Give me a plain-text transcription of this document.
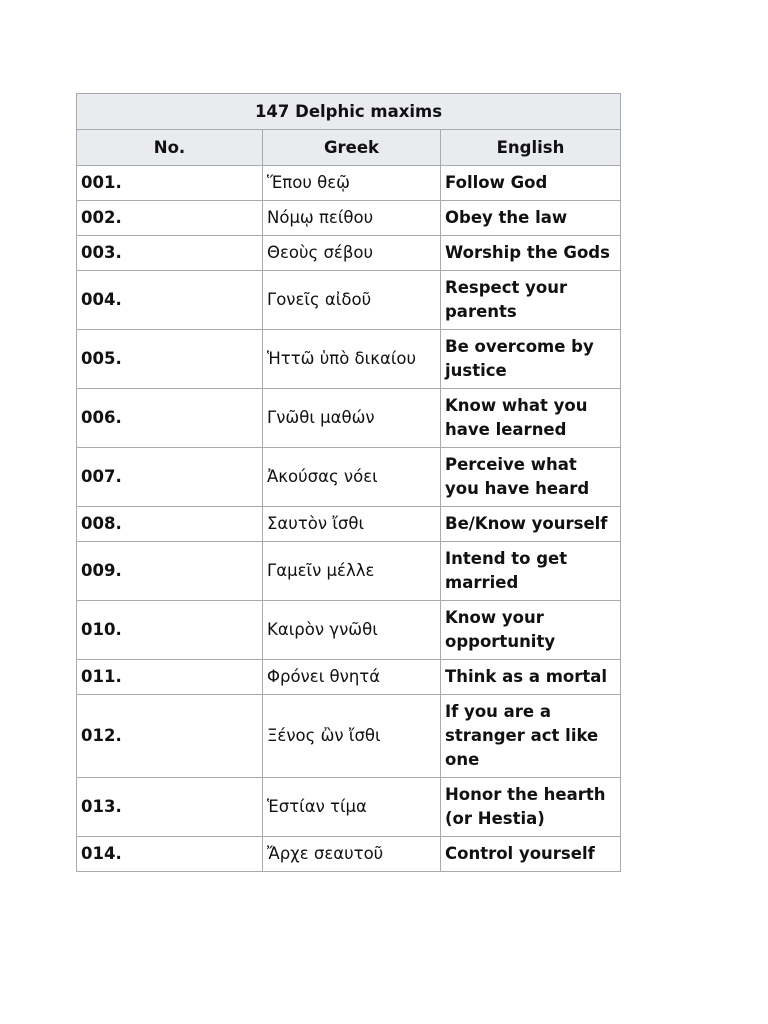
147 Delphic maxims		
No.	Greek	English
001.	Ἕπου θεῷ	Follow God
002.	Νόμῳ πείθου	Obey the law
003.	Θεοὺς σέβου	Worship the Gods
004.	Γονεῖς αἰδοῦ	Respect your parents
005.	Ἡττῶ ὑπὸ δικαίου	Be overcome by justice
006.	Γνῶθι μαθών	Know what you have learned
007.	Ἀκούσας νόει	Perceive what you have heard
008.	Σαυτὸν ἴσθι	Be/Know yourself
009.	Γαμεῖν μέλλε	Intend to get married
010.	Καιρὸν γνῶθι	Know your opportunity
011.	Φρόνει θνητά	Think as a mortal
012.	Ξένος ὢν ἴσθι	If you are a stranger act like one
013.	Ἑστίαν τίμα	Honor the hearth (or Hestia)
014.	Ἄρχε σεαυτοῦ	Control yourself
